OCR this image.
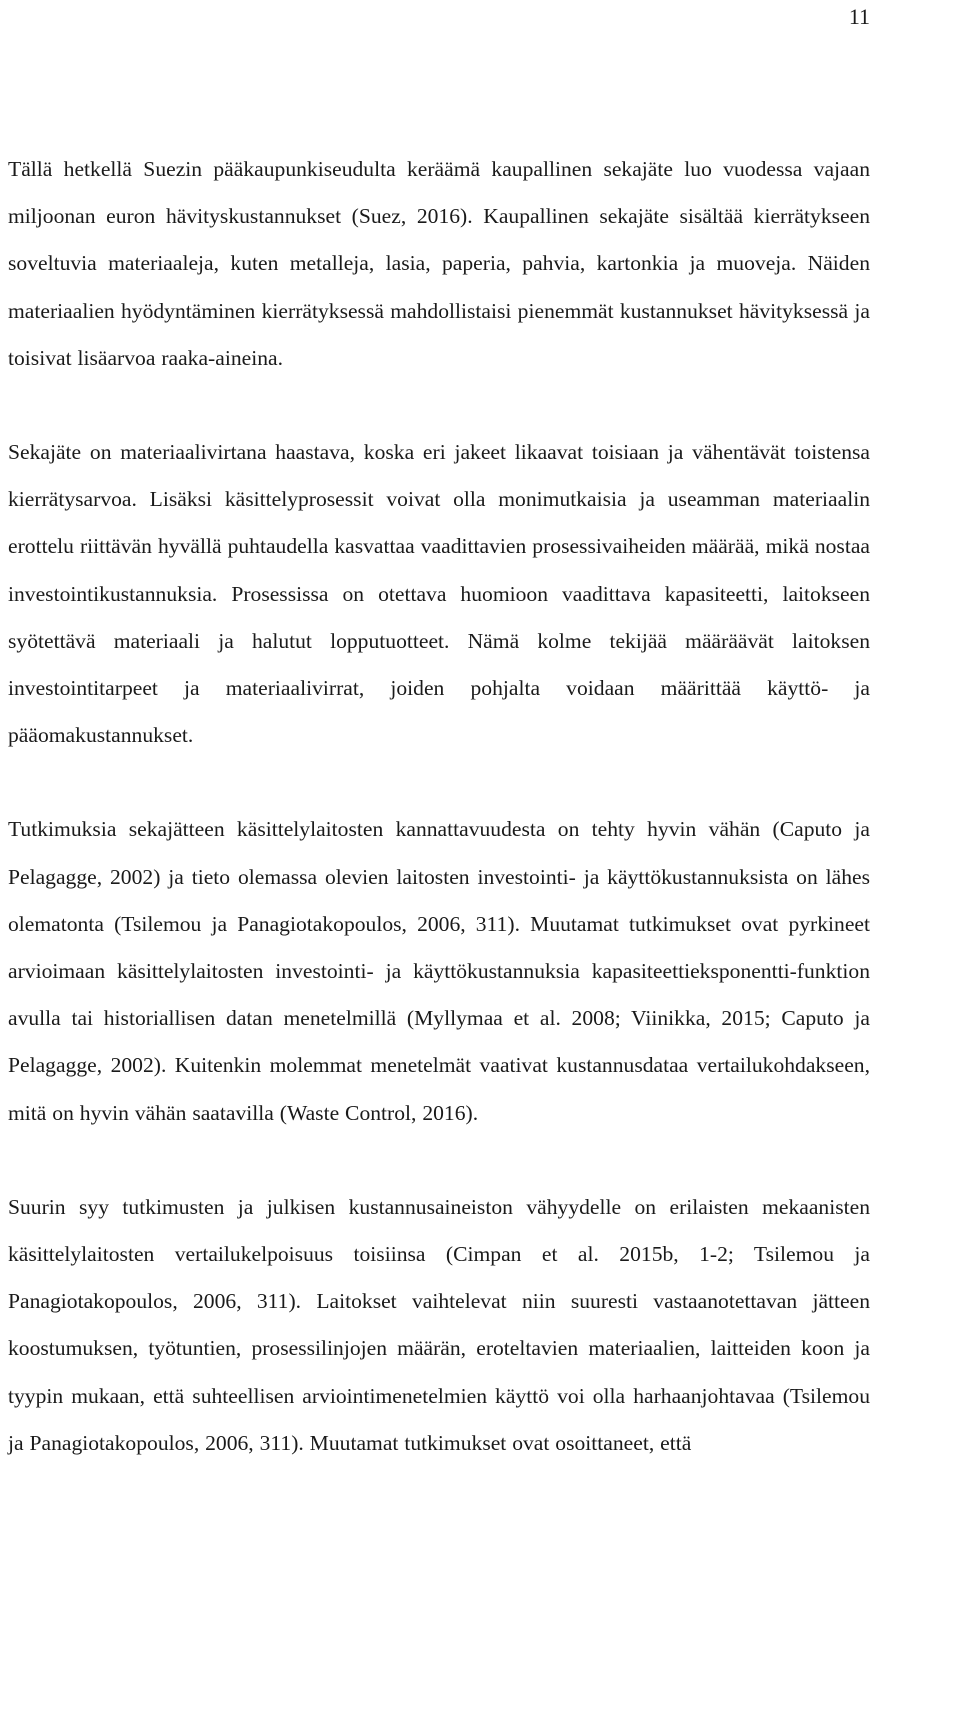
11

Tällä hetkellä Suezin pääkaupunkiseudulta keräämä kaupallinen sekajäte luo vuodessa vajaan miljoonan euron hävityskustannukset (Suez, 2016). Kaupallinen sekajäte sisältää kierrätykseen soveltuvia materiaaleja, kuten metalleja, lasia, paperia, pahvia, kartonkia ja muoveja. Näiden materiaalien hyödyntäminen kierrätyksessä mahdollistaisi pienemmät kustannukset hävityksessä ja toisivat lisäarvoa raaka-aineina.

Sekajäte on materiaalivirtana haastava, koska eri jakeet likaavat toisiaan ja vähentävät toistensa kierrätysarvoa. Lisäksi käsittelyprosessit voivat olla monimutkaisia ja useamman materiaalin erottelu riittävän hyvällä puhtaudella kasvattaa vaadittavien prosessivaiheiden määrää, mikä nostaa investointikustannuksia. Prosessissa on otettava huomioon vaadittava kapasiteetti, laitokseen syötettävä materiaali ja halutut lopputuotteet. Nämä kolme tekijää määräävät laitoksen investointitarpeet ja materiaalivirrat, joiden pohjalta voidaan määrittää käyttö- ja pääomakustannukset.

Tutkimuksia sekajätteen käsittelylaitosten kannattavuudesta on tehty hyvin vähän (Caputo ja Pelagagge, 2002) ja tieto olemassa olevien laitosten investointi- ja käyttökustannuksista on lähes olematonta (Tsilemou ja Panagiotakopoulos, 2006, 311). Muutamat tutkimukset ovat pyrkineet arvioimaan käsittelylaitosten investointi- ja käyttökustannuksia kapasiteettieksponentti-funktion avulla tai historiallisen datan menetelmillä (Myllymaa et al. 2008; Viinikka, 2015; Caputo ja Pelagagge, 2002). Kuitenkin molemmat menetelmät vaativat kustannusdataa vertailukohdakseen, mitä on hyvin vähän saatavilla (Waste Control, 2016).

Suurin syy tutkimusten ja julkisen kustannusaineiston vähyydelle on erilaisten mekaanisten käsittelylaitosten vertailukelpoisuus toisiinsa (Cimpan et al. 2015b, 1-2; Tsilemou ja Panagiotakopoulos, 2006, 311). Laitokset vaihtelevat niin suuresti vastaanotettavan jätteen koostumuksen, työtuntien, prosessilinjojen määrän, eroteltavien materiaalien, laitteiden koon ja tyypin mukaan, että suhteellisen arviointimenetelmien käyttö voi olla harhaanjohtavaa (Tsilemou ja Panagiotakopoulos, 2006, 311). Muutamat tutkimukset ovat osoittaneet, että
